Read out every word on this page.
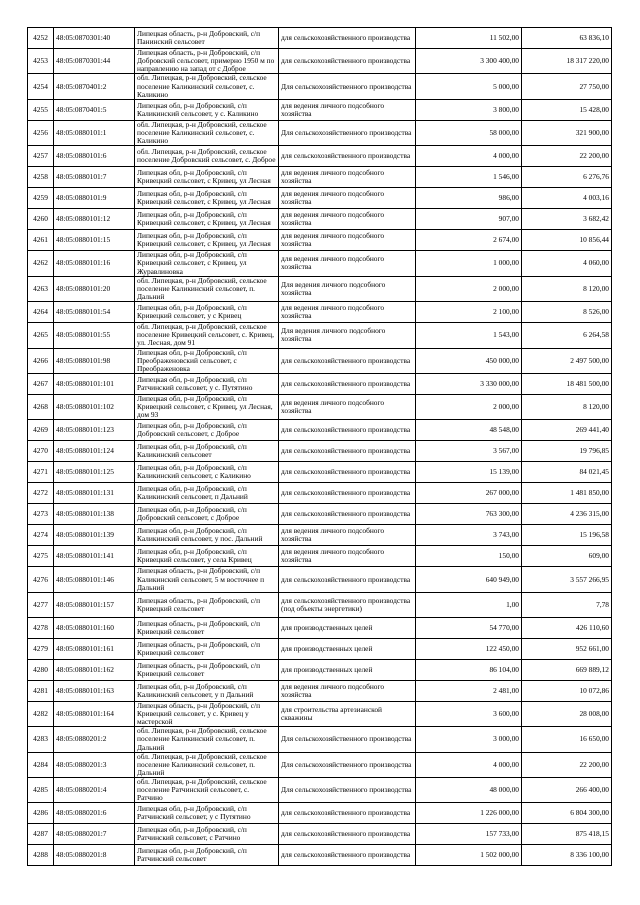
4252	48:05:0870301:40	Липецкая область, р-н Добровский, с/п Панинский сельсовет	для сельскохозяйственного производства	11 502,00	63 836,10
4253	48:05:0870301:44	Липецкая область, р-н Добровский, с/п Добровский сельсовет, примерно 1950 м по направлению на запад от с Доброе	для сельскохозяйственного производства	3 300 400,00	18 317 220,00
4254	48:05:0870401:2	обл. Липецкая, р-н Добровский, сельское поселение Каликинский сельсовет, с. Каликино	Для сельскохозяйственного производства	5 000,00	27 750,00
4255	48:05:0870401:5	Липецкая обл, р-н Добровский, с/п Каликинский сельсовет, у с. Каликино	для ведения личного подсобного хозяйства	3 800,00	15 428,00
4256	48:05:0880101:1	обл. Липецкая, р-н Добровский, сельское поселение Каликинский сельсовет, с. Каликино	Для сельскохозяйственного производства	58 000,00	321 900,00
4257	48:05:0880101:6	обл. Липецкая, р-н Добровский, сельское поселение Добровский сельсовет, с. Доброе	для сельскохозяйственного производства	4 000,00	22 200,00
4258	48:05:0880101:7	Липецкая обл, р-н Добровский, с/п Кривецкий сельсовет, с Кривец, ул Лесная	для ведения личного подсобного хозяйства	1 546,00	6 276,76
4259	48:05:0880101:9	Липецкая обл, р-н Добровский, с/п Кривецкий сельсовет, с Кривец, ул Лесная	для ведения личного подсобного хозяйства	986,00	4 003,16
4260	48:05:0880101:12	Липецкая обл, р-н Добровский, с/п Кривецкий сельсовет, с Кривец, ул Лесная	для ведения личного подсобного хозяйства	907,00	3 682,42
4261	48:05:0880101:15	Липецкая обл, р-н Добровский, с/п Кривецкий сельсовет, с Кривец, ул Лесная	для ведения личного подсобного хозяйства	2 674,00	10 856,44
4262	48:05:0880101:16	Липецкая обл, р-н Добровский, с/п Кривецкий сельсовет, с Кривец, ул Журавлиновка	для ведения личного подсобного хозяйства	1 000,00	4 060,00
4263	48:05:0880101:20	обл. Липецкая, р-н Добровский, сельское поселение Каликинский сельсовет, п. Дальний	Для ведения личного подсобного хозяйства	2 000,00	8 120,00
4264	48:05:0880101:54	Липецкая обл, р-н Добровский, с/п Кривецкий сельсовет, у с Кривец	для ведения личного подсобного хозяйства	2 100,00	8 526,00
4265	48:05:0880101:55	обл. Липецкая, р-н Добровский, сельское поселение Кривецкий сельсовет, с. Кривец, ул. Лесная, дом 91	Для ведения личного подсобного хозяйства	1 543,00	6 264,58
4266	48:05:0880101:98	Липецкая обл, р-н Добровский, с/п Преображеновский сельсовет, с Преображеновка	для сельскохозяйственного производства	450 000,00	2 497 500,00
4267	48:05:0880101:101	Липецкая обл, р-н Добровский, с/п Ратчинский сельсовет, у с. Путятино	для сельскохозяйственного производства	3 330 000,00	18 481 500,00
4268	48:05:0880101:102	Липецкая обл, р-н Добровский, с/п Кривецкий сельсовет, с Кривец, ул Лесная, дом 93	для ведения личного подсобного хозяйства	2 000,00	8 120,00
4269	48:05:0880101:123	Липецкая обл, р-н Добровский, с/п Добровский сельсовет, с Доброе	для сельскохозяйственного производства	48 548,00	269 441,40
4270	48:05:0880101:124	Липецкая обл, р-н Добровский, с/п Каликинский сельсовет	для сельскохозяйственного производства	3 567,00	19 796,85
4271	48:05:0880101:125	Липецкая обл, р-н Добровский, с/п Каликинский сельсовет, с Каликино	для сельскохозяйственного производства	15 139,00	84 021,45
4272	48:05:0880101:131	Липецкая обл, р-н Добровский, с/п Каликинский сельсовет, п Дальний	для сельскохозяйственного производства	267 000,00	1 481 850,00
4273	48:05:0880101:138	Липецкая обл, р-н Добровский, с/п Добровский сельсовет, с Доброе	для сельскохозяйственного производства	763 300,00	4 236 315,00
4274	48:05:0880101:139	Липецкая обл, р-н Добровский, с/п Каликинский сельсовет, у пос. Дальний	для ведения личного подсобного хозяйства	3 743,00	15 196,58
4275	48:05:0880101:141	Липецкая обл, р-н Добровский, с/п Кривецкий сельсовет, у села Кривец	для ведения личного подсобного хозяйства	150,00	609,00
4276	48:05:0880101:146	Липецкая область, р-н Добровский, с/п Каликинский сельсовет, 5 м восточнее п Дальний	для сельскохозяйственного производства	640 949,00	3 557 266,95
4277	48:05:0880101:157	Липецкая область, р-н Добровский, с/п Кривецкий сельсовет	для сельскохозяйственного производства (под объекты энергетики)	1,00	7,78
4278	48:05:0880101:160	Липецкая область, р-н Добровский, с/п Кривецкий сельсовет	для производственных целей	54 770,00	426 110,60
4279	48:05:0880101:161	Липецкая область, р-н Добровский, с/п Кривецкий сельсовет	для производственных целей	122 450,00	952 661,00
4280	48:05:0880101:162	Липецкая область, р-н Добровский, с/п Кривецкий сельсовет	для производственных целей	86 104,00	669 889,12
4281	48:05:0880101:163	Липецкая обл, р-н Добровский, с/п Каликинский сельсовет, у п Дальний	для ведения личного подсобного хозяйства	2 481,00	10 072,86
4282	48:05:0880101:164	Липецкая область, р-н Добровский, с/п Кривецкий сельсовет, у с. Кривец у мастерской	для строительства артезианской скважины	3 600,00	28 008,00
4283	48:05:0880201:2	обл. Липецкая, р-н Добровский, сельское поселение Каликинский сельсовет, п. Дальний	Для сельскохозяйственного производства	3 000,00	16 650,00
4284	48:05:0880201:3	обл. Липецкая, р-н Добровский, сельское поселение Каликинский сельсовет, п. Дальний	Для сельскохозяйственного производства	4 000,00	22 200,00
4285	48:05:0880201:4	обл. Липецкая, р-н Добровский, сельское поселение Ратчинский сельсовет, с. Ратчино	Для сельскохозяйственного производства	48 000,00	266 400,00
4286	48:05:0880201:6	Липецкая обл, р-н Добровский, с/п Ратчинский сельсовет, у с Путятино	для сельскохозяйственного производства	1 226 000,00	6 804 300,00
4287	48:05:0880201:7	Липецкая обл, р-н Добровский, с/п Ратчинский сельсовет, с Ратчино	для сельскохозяйственного производства	157 733,00	875 418,15
4288	48:05:0880201:8	Липецкая обл, р-н Добровский, с/п Ратчинский сельсовет	для сельскохозяйственного производства	1 502 000,00	8 336 100,00
